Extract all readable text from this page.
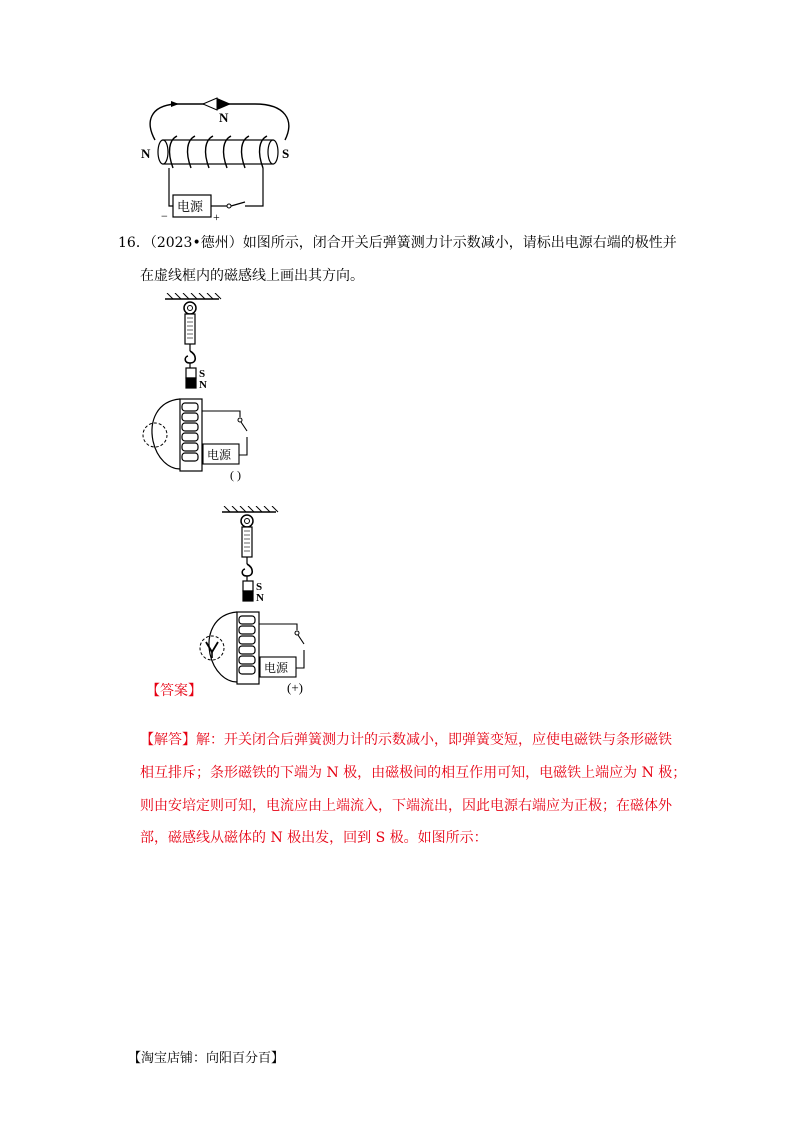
N
N	S
电源
−	+
16．（2023•德州）如图所示，闭合开关后弹簧测力计示数减小，请标出电源右端的极性并
在虚线框内的磁感线上画出其方向。
S
N
电源
( )
S
N
电源
(+)
【答案】
【解答】解：开关闭合后弹簧测力计的示数减小，即弹簧变短，应使电磁铁与条形磁铁
相互排斥；条形磁铁的下端为 N 极，由磁极间的相互作用可知，电磁铁上端应为 N 极；
则由安培定则可知，电流应由上端流入，下端流出，因此电源右端应为正极；在磁体外
部，磁感线从磁体的 N 极出发，回到 S 极。如图所示：
【淘宝店铺：向阳百分百】
